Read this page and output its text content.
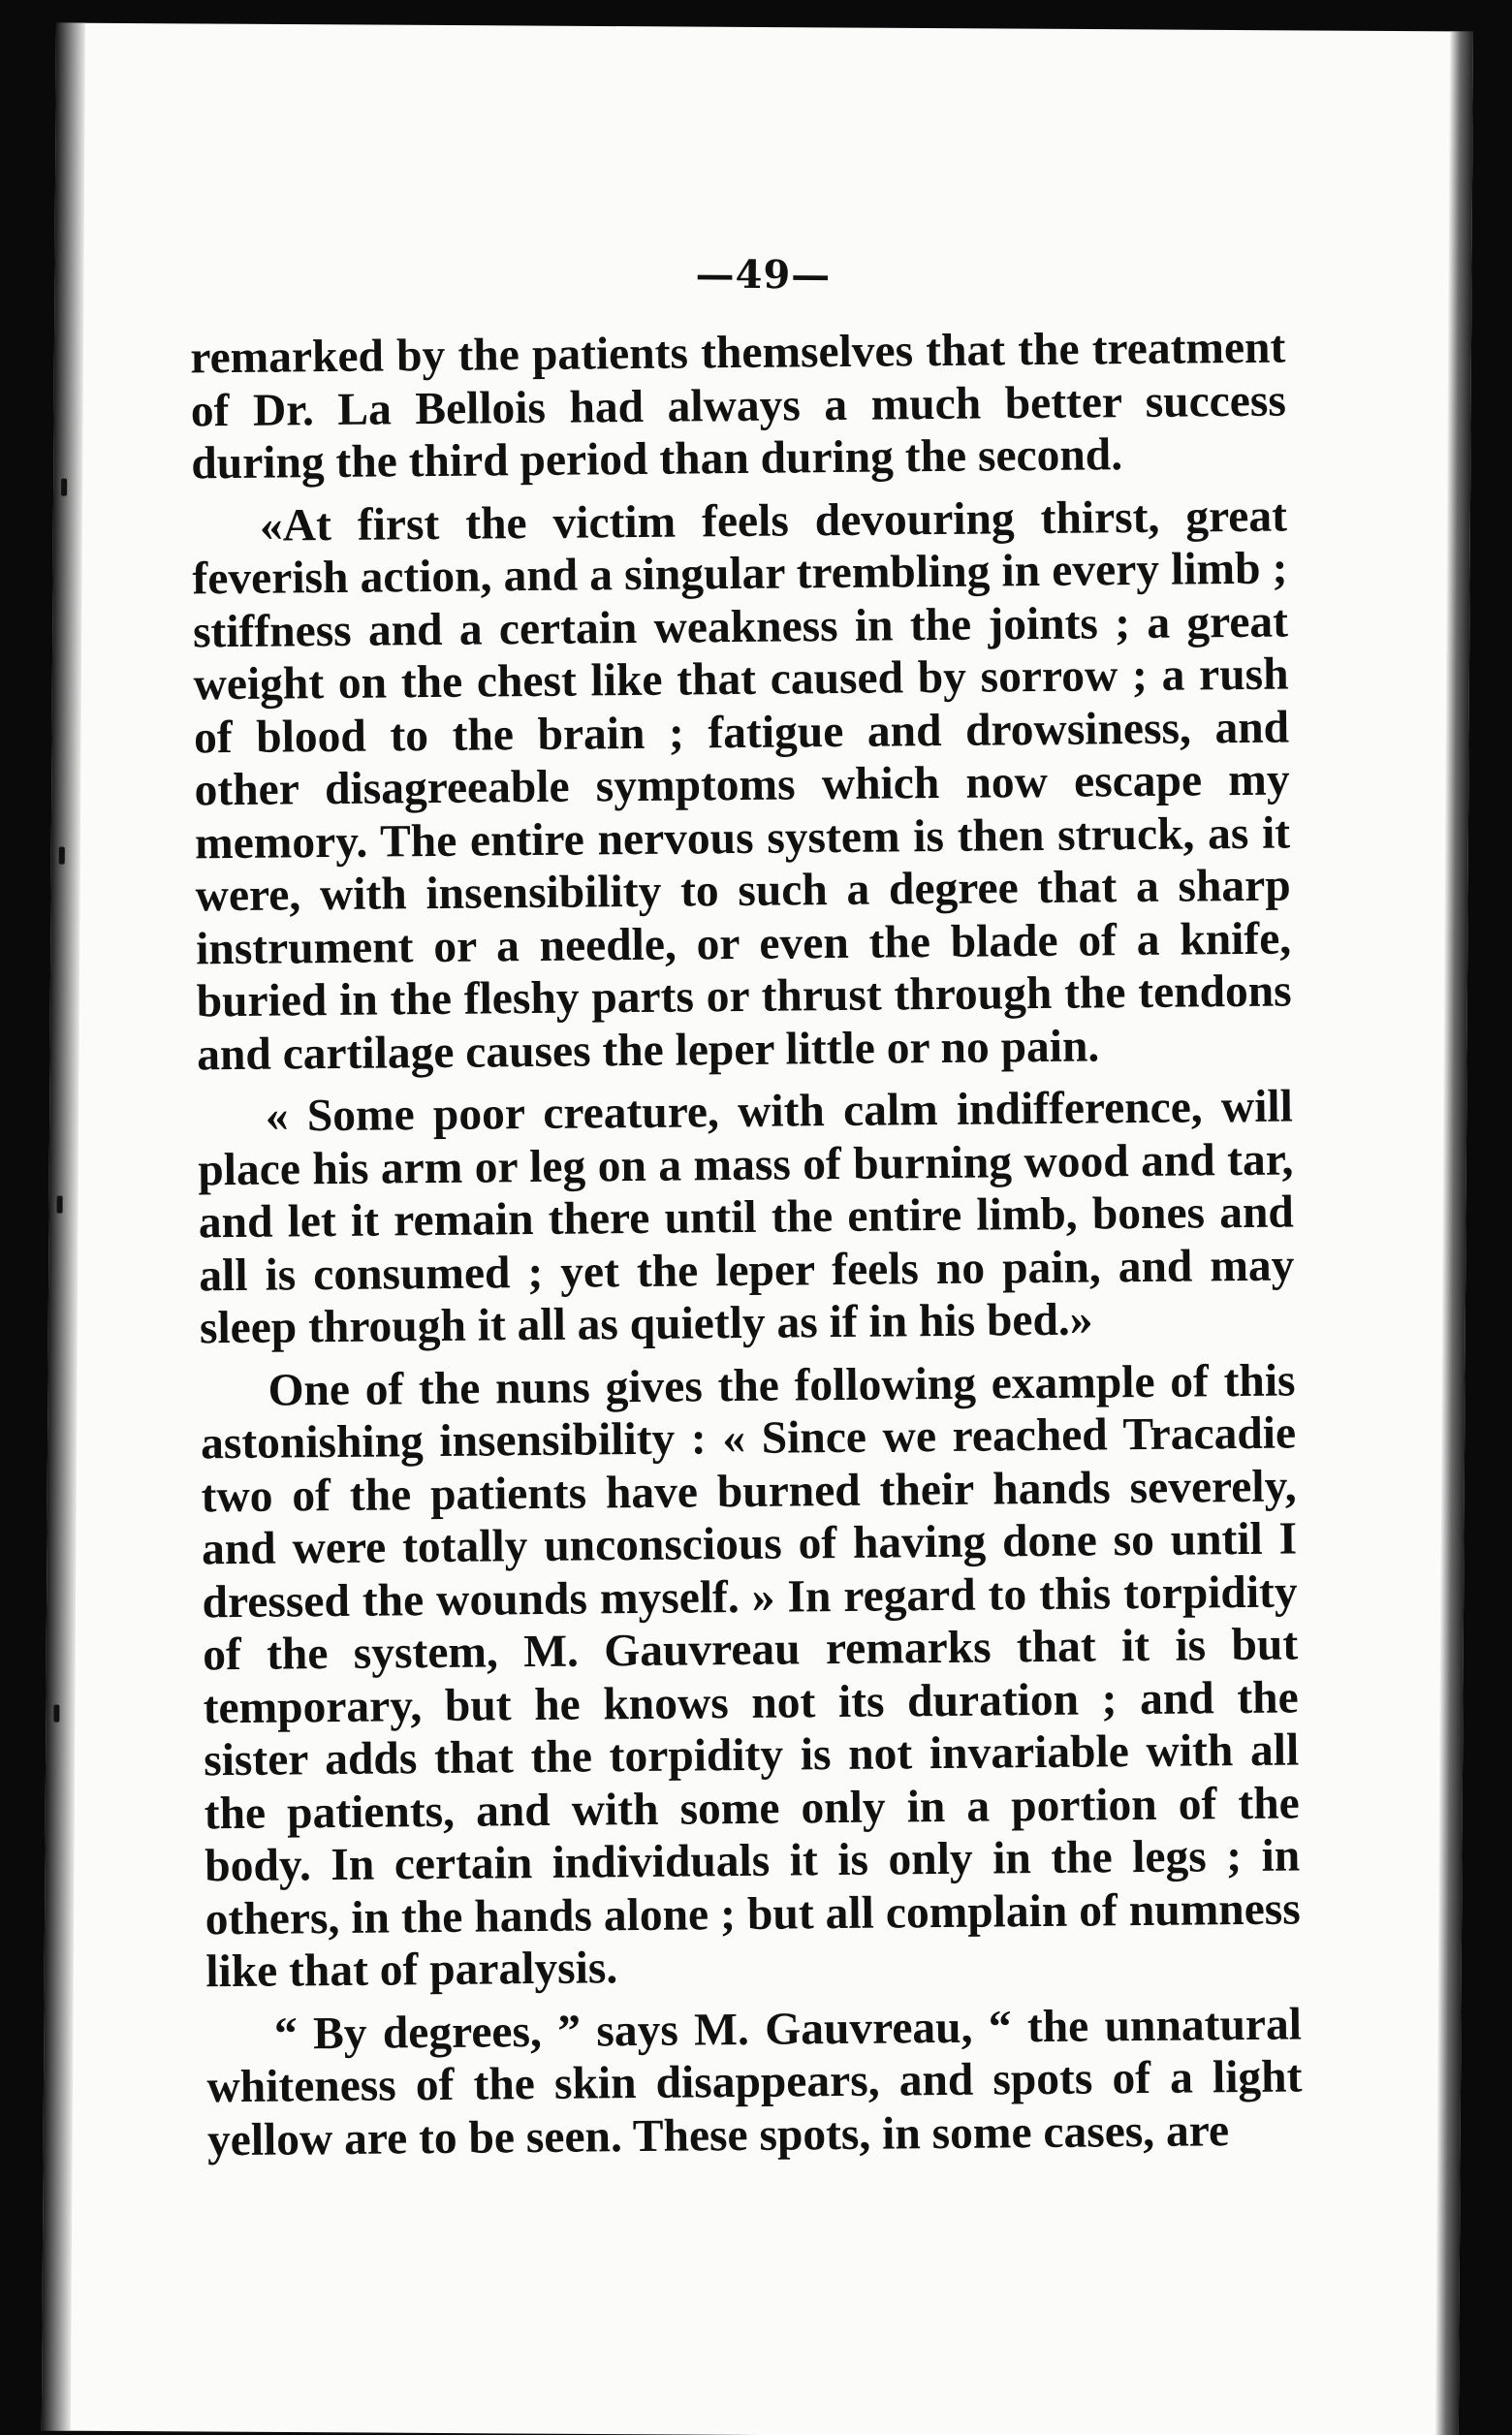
—49—

remarked by the patients themselves that the treatment of Dr. La Bellois had always a much better success during the third period than during the second.

«At first the victim feels devouring thirst, great feverish action, and a singular trembling in every limb ; stiffness and a certain weakness in the joints ; a great weight on the chest like that caused by sorrow ; a rush of blood to the brain ; fatigue and drowsiness, and other disagreeable symptoms which now escape my memory. The entire nervous system is then struck, as it were, with insensibility to such a degree that a sharp instrument or a needle, or even the blade of a knife, buried in the fleshy parts or thrust through the tendons and cartilage causes the leper little or no pain.

« Some poor creature, with calm indifference, will place his arm or leg on a mass of burning wood and tar, and let it remain there until the entire limb, bones and all is consumed ; yet the leper feels no pain, and may sleep through it all as quietly as if in his bed.»

One of the nuns gives the following example of this astonishing insensibility : « Since we reached Tracadie two of the patients have burned their hands severely, and were totally unconscious of having done so until I dressed the wounds myself. » In regard to this torpidity of the system, M. Gauvreau remarks that it is but temporary, but he knows not its duration ; and the sister adds that the torpidity is not invariable with all the patients, and with some only in a portion of the body. In certain individuals it is only in the legs ; in others, in the hands alone ; but all complain of numness like that of paralysis.

“ By degrees, ” says M. Gauvreau, “ the unnatural whiteness of the skin disappears, and spots of a light yellow are to be seen. These spots, in some cases, are
